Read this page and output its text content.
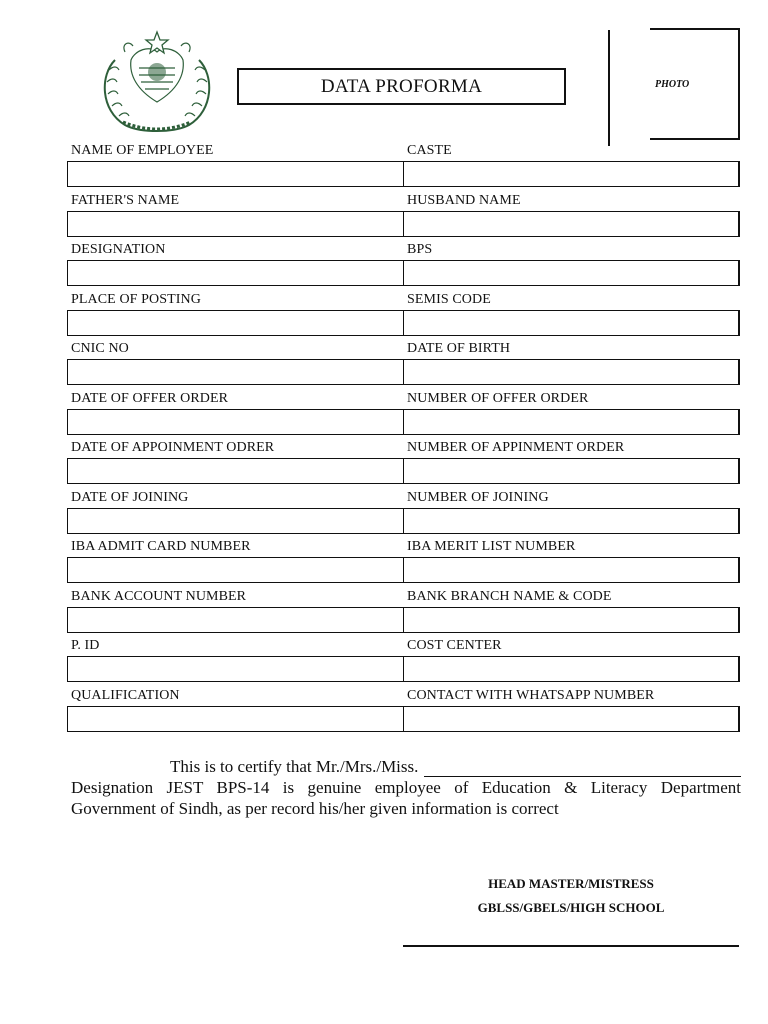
DATA PROFORMA	PHOTO
NAME OF EMPLOYEE	CASTE
FATHER'S NAME	HUSBAND NAME
DESIGNATION	BPS
PLACE OF POSTING	SEMIS CODE
CNIC NO	DATE OF BIRTH
DATE OF OFFER ORDER	NUMBER OF OFFER ORDER
DATE OF APPOINMENT ODRER	NUMBER OF APPINMENT ORDER
DATE OF JOINING	NUMBER OF JOINING
IBA ADMIT CARD NUMBER	IBA MERIT LIST NUMBER
BANK ACCOUNT NUMBER	BANK BRANCH NAME & CODE
P. ID	COST CENTER
QUALIFICATION	CONTACT WITH WHATSAPP NUMBER
This is to certify that Mr./Mrs./Miss.
Designation JEST BPS-14 is genuine employee of Education & Literacy Department
Government of Sindh, as per record his/her given information is correct
HEAD MASTER/MISTRESS
GBLSS/GBELS/HIGH SCHOOL
